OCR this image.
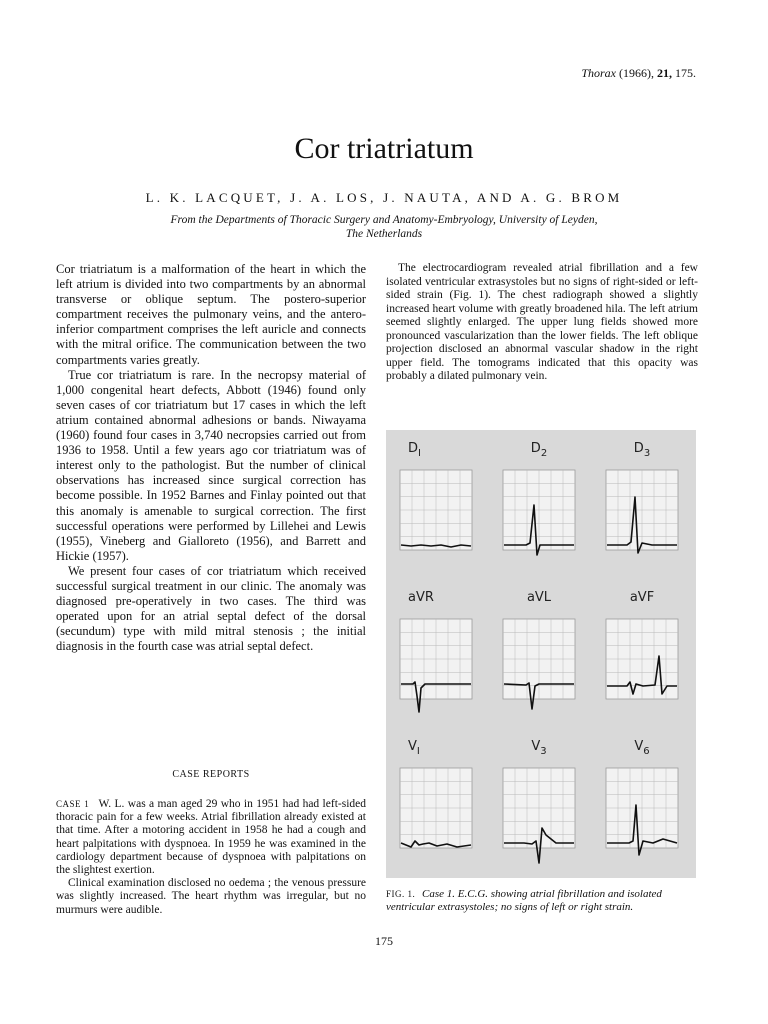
Thorax (1966), 21, 175.
Cor triatriatum
L. K. LACQUET, J. A. LOS, J. NAUTA, AND A. G. BROM
From the Departments of Thoracic Surgery and Anatomy-Embryology, University of Leyden,
The Netherlands

Cor triatriatum is a malformation of the heart in which the left atrium is divided into two compartments by an abnormal transverse or oblique septum. The postero-superior compartment receives the pulmonary veins, and the antero-inferior compartment comprises the left auricle and connects with the mitral orifice. The communication between the two compartments varies greatly.

True cor triatriatum is rare. In the necropsy material of 1,000 congenital heart defects, Abbott (1946) found only seven cases of cor triatriatum but 17 cases in which the left atrium contained abnormal adhesions or bands. Niwayama (1960) found four cases in 3,740 necropsies carried out from 1936 to 1958. Until a few years ago cor triatriatum was of interest only to the pathologist. But the number of clinical observations has increased since surgical correction has become possible. In 1952 Barnes and Finlay pointed out that this anomaly is amenable to surgical correction. The first successful operations were performed by Lillehei and Lewis (1955), Vineberg and Gialloreto (1956), and Barrett and Hickie (1957).

We present four cases of cor triatriatum which received successful surgical treatment in our clinic. The anomaly was diagnosed pre-operatively in two cases. The third was operated upon for an atrial septal defect of the dorsal (secundum) type with mild mitral stenosis ; the initial diagnosis in the fourth case was atrial septal defect.

CASE REPORTS

CASE 1 W. L. was a man aged 29 who in 1951 had had left-sided thoracic pain for a few weeks. Atrial fibrillation already existed at that time. After a motoring accident in 1958 he had a cough and heart palpitations with dyspnoea. In 1959 he was examined in the cardiology department because of dyspnoea with palpitations on the slightest exertion.

Clinical examination disclosed no oedema ; the venous pressure was slightly increased. The heart rhythm was irregular, but no murmurs were audible.

The electrocardiogram revealed atrial fibrillation and a few isolated ventricular extrasystoles but no signs of right-sided or left-sided strain (Fig. 1). The chest radiograph showed a slightly increased heart volume with greatly broadened hila. The left atrium seemed slightly enlarged. The upper lung fields showed more pronounced vascularization than the lower fields. The left oblique projection disclosed an abnormal vascular shadow in the right upper field. The tomograms indicated that this opacity was probably a dilated pulmonary vein.

$D_I$	$D_2$	$D_3$
aVR	aVL	aVF
$V_I$	$V_3$	$V_6$
FIG. 1. Case 1. E.C.G. showing atrial fibrillation and isolated ventricular extrasystoles; no signs of left or right strain.
175
